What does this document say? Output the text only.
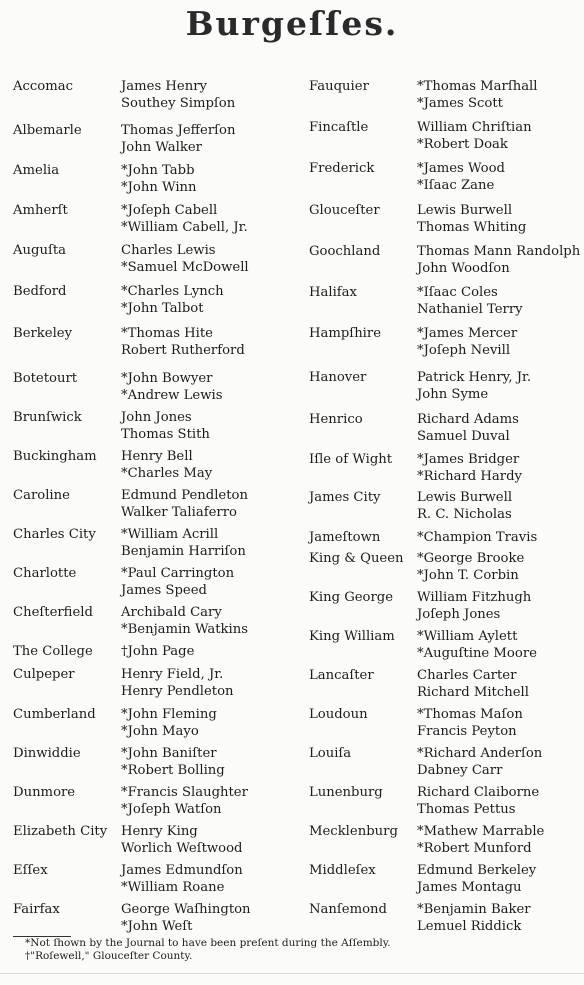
Burgeſſes.
Accomac	James Henry
Southey Simpſon
Albemarle	Thomas Jefferſon
John Walker
Amelia	*John Tabb
*John Winn
Amherſt	*Joſeph Cabell
*William Cabell, Jr.
Auguſta	Charles Lewis
*Samuel McDowell
Bedford	*Charles Lynch
*John Talbot
Berkeley	*Thomas Hite
Robert Rutherford
Botetourt	*John Bowyer
*Andrew Lewis
Brunſwick	John Jones
Thomas Stith
Buckingham Henry Bell
*Charles May
Caroline	Edmund Pendleton
Walker Taliaferro
Charles City *William Acrill
Benjamin Harriſon
Charlotte	*Paul Carrington
James Speed
Cheſterfield Archibald Cary
*Benjamin Watkins
The College †John Page
Culpeper	Henry Field, Jr.
Henry Pendleton
Cumberland *John Fleming
*John Mayo
Dinwiddie	*John Baniſter
*Robert Bolling
Dunmore	*Francis Slaughter
*Joſeph Watſon
Elizabeth City Henry King
Worlich Weſtwood
Eſſex	James Edmundſon
*William Roane
Fairfax	George Waſhington
*John Weſt
Fauquier	*Thomas Marſhall
*James Scott
Fincaſtle	William Chriſtian
*Robert Doak
Frederick	*James Wood
*Iſaac Zane
Glouceſter	Lewis Burwell
Thomas Whiting
Goochland	Thomas Mann Randolph
John Woodſon
Halifax	*Iſaac Coles
Nathaniel Terry
Hampſhire	*James Mercer
*Joſeph Nevill
Hanover	Patrick Henry, Jr.
John Syme
Henrico	Richard Adams
Samuel Duval
Iſle of Wight *James Bridger
*Richard Hardy
James City	Lewis Burwell
R. C. Nicholas
Jameſtown	*Champion Travis
King & Queen *George Brooke
*John T. Corbin
King George William Fitzhugh
Joſeph Jones
King William *William Aylett
*Auguſtine Moore
Lancaſter	Charles Carter
Richard Mitchell
Loudoun	*Thomas Maſon
Francis Peyton
Louiſa	*Richard Anderſon
Dabney Carr
Lunenburg	Richard Claiborne
Thomas Pettus
Mecklenburg *Mathew Marrable
*Robert Munford
Middleſex	Edmund Berkeley
James Montagu
Nanſemond *Benjamin Baker
Lemuel Riddick
*Not ſhown by the Journal to have been preſent during the Aſſembly.
†"Roſewell," Glouceſter County.
